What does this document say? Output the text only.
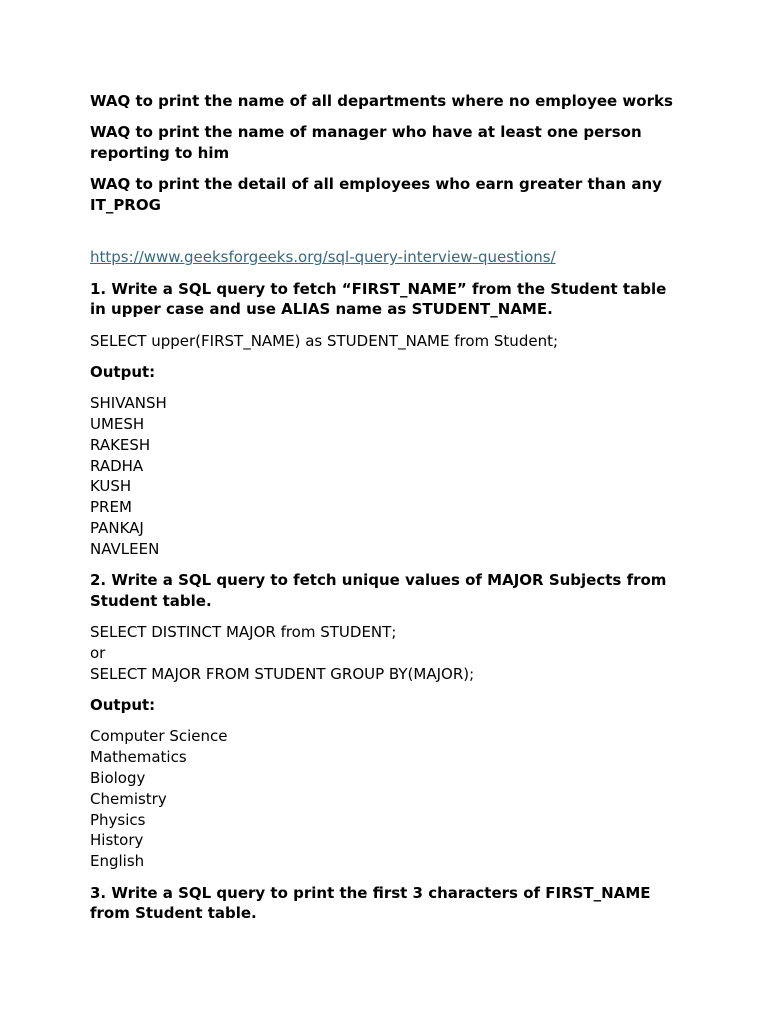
WAQ to print the name of all departments where no employee works

WAQ to print the name of manager who have at least one person reporting to him

WAQ to print the detail of all employees who earn greater than any IT_PROG

https://www.geeksforgeeks.org/sql-query-interview-questions/

1. Write a SQL query to fetch “FIRST_NAME” from the Student table in upper case and use ALIAS name as STUDENT_NAME.

SELECT upper(FIRST_NAME) as STUDENT_NAME from Student;

Output:

SHIVANSH
UMESH
RAKESH
RADHA
KUSH
PREM
PANKAJ
NAVLEEN

2. Write a SQL query to fetch unique values of MAJOR Subjects from Student table.

SELECT DISTINCT MAJOR from STUDENT;
or
SELECT MAJOR FROM STUDENT GROUP BY(MAJOR);

Output:

Computer Science
Mathematics
Biology
Chemistry
Physics
History
English

3. Write a SQL query to print the first 3 characters of FIRST_NAME from Student table.
